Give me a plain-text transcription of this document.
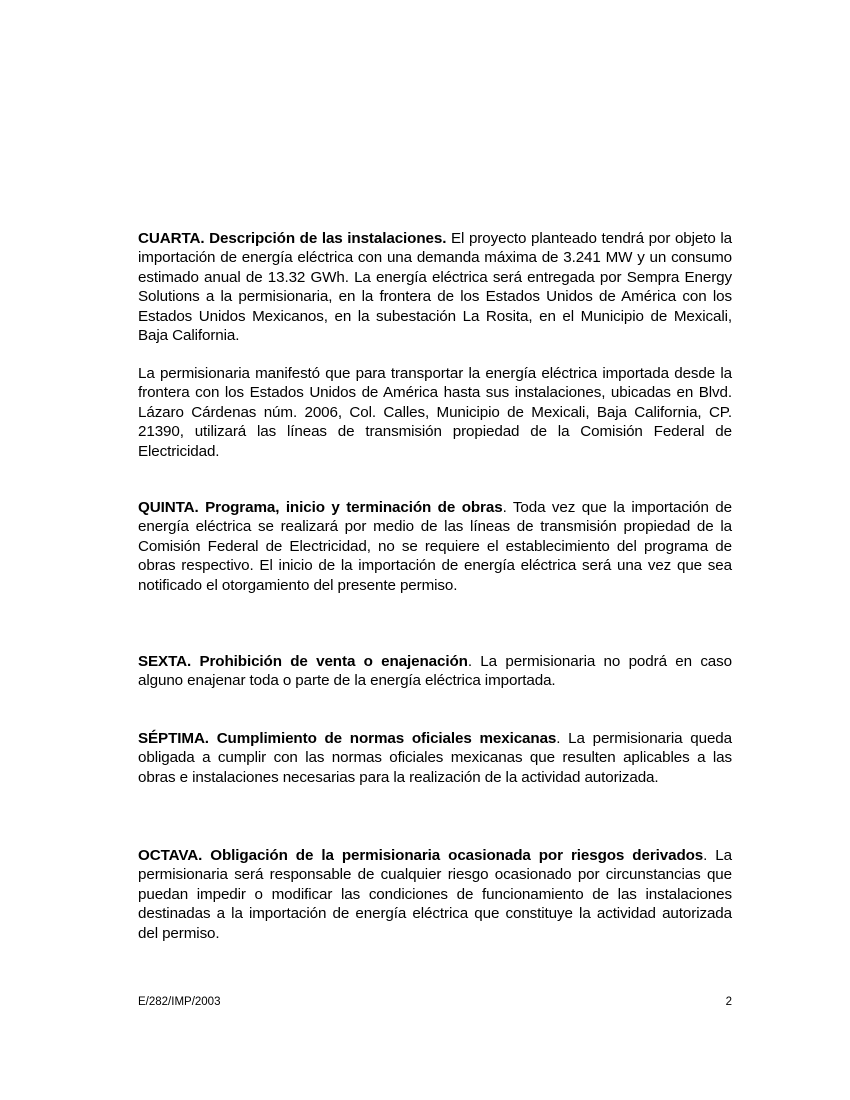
CUARTA. Descripción de las instalaciones. El proyecto planteado tendrá por objeto la importación de energía eléctrica con una demanda máxima de 3.241 MW y un consumo estimado anual de 13.32 GWh. La energía eléctrica será entregada por Sempra Energy Solutions a la permisionaria, en la frontera de los Estados Unidos de América con los Estados Unidos Mexicanos, en la subestación La Rosita, en el Municipio de Mexicali, Baja California.

La permisionaria manifestó que para transportar la energía eléctrica importada desde la frontera con los Estados Unidos de América hasta sus instalaciones, ubicadas en Blvd. Lázaro Cárdenas núm. 2006, Col. Calles, Municipio de Mexicali, Baja California, CP. 21390, utilizará las líneas de transmisión propiedad de la Comisión Federal de Electricidad.

QUINTA. Programa, inicio y terminación de obras. Toda vez que la importación de energía eléctrica se realizará por medio de las líneas de transmisión propiedad de la Comisión Federal de Electricidad, no se requiere el establecimiento del programa de obras respectivo. El inicio de la importación de energía eléctrica será una vez que sea notificado el otorgamiento del presente permiso.

SEXTA. Prohibición de venta o enajenación. La permisionaria no podrá en caso alguno enajenar toda o parte de la energía eléctrica importada.

SÉPTIMA. Cumplimiento de normas oficiales mexicanas. La permisionaria queda obligada a cumplir con las normas oficiales mexicanas que resulten aplicables a las obras e instalaciones necesarias para la realización de la actividad autorizada.

OCTAVA. Obligación de la permisionaria ocasionada por riesgos derivados. La permisionaria será responsable de cualquier riesgo ocasionado por circunstancias que puedan impedir o modificar las condiciones de funcionamiento de las instalaciones destinadas a la importación de energía eléctrica que constituye la actividad autorizada del permiso.

E/282/IMP/2003	2
